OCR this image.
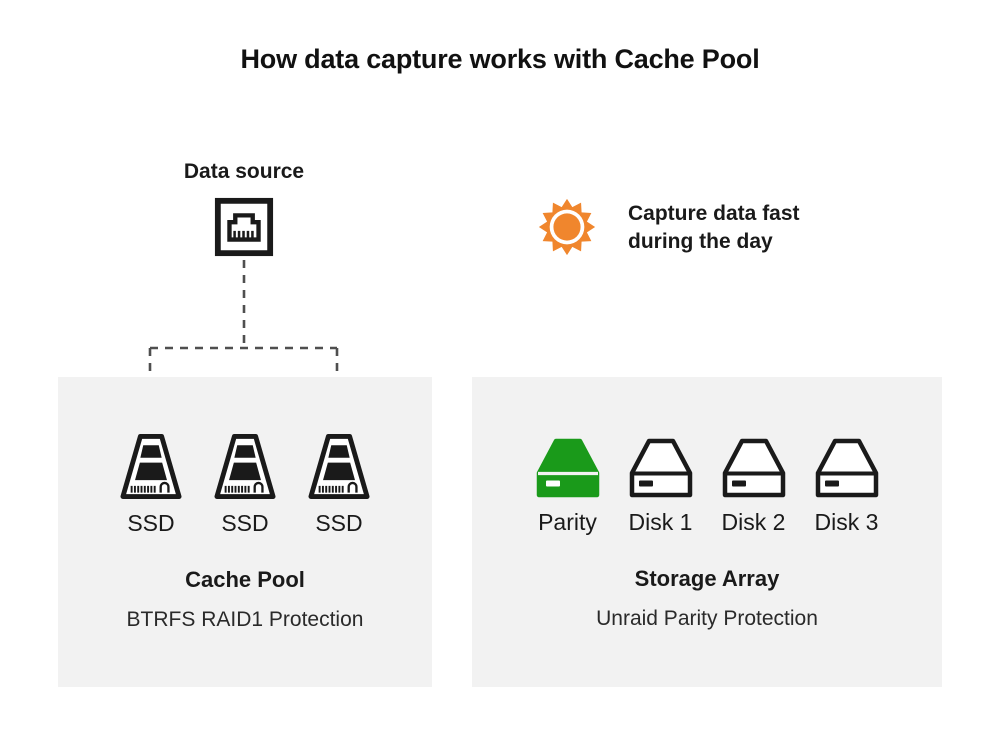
How data capture works with Cache Pool
Data source
Capture data fast
during the day
SSD SSD SSD
Cache Pool
BTRFS RAID1 Protection
Parity Disk 1 Disk 2 Disk 3
Storage Array
Unraid Parity Protection
